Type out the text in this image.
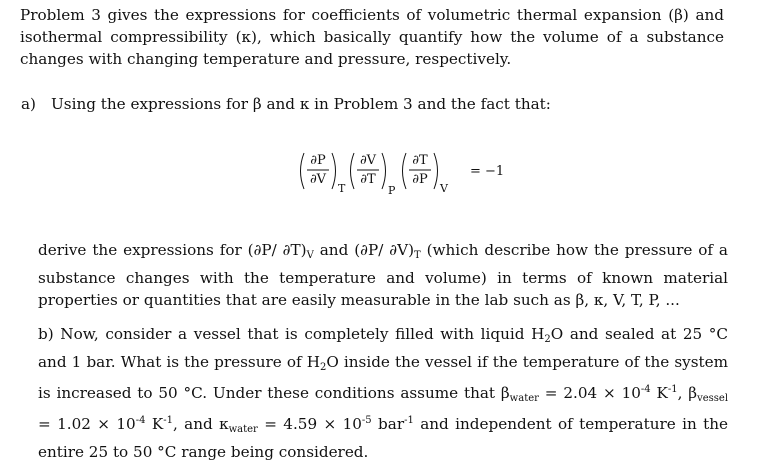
Problem 3 gives the expressions for coefficients of volumetric thermal expansion (β) and isothermal compressibility (κ), which basically quantify how the volume of a substance changes with changing temperature and pressure, respectively.
a) Using the expressions for β and κ in Problem 3 and the fact that:
∂P
∂V
T
∂V
∂T
P
∂T
∂P
V
= −1
derive the expressions for (∂P/ $\partial T)_V$ and (∂P/ $\partial V)_T$ (which describe how the pressure of a substance changes with the temperature and volume) in terms of known material properties or quantities that are easily measurable in the lab such as β, κ, V, T, P, ...
b) Now, consider a vessel that is completely filled with liquid $H_2O$ and sealed at 25 °C and 1 bar. What is the pressure of $H_2O$ inside the vessel if the temperature of the system is increased to 50 °C. Under these conditions assume that $\beta_{water} = 2.04 \times 10^{-4}$ $K^{-1}$, $\beta_{vessel} = 1.02 \times 10^{-4}$ $K^{-1}$, and $\kappa_{water} = 4.59 \times 10^{-5}$ bar$^{-1}$ and independent of temperature in the entire 25 to 50 °C range being considered.
